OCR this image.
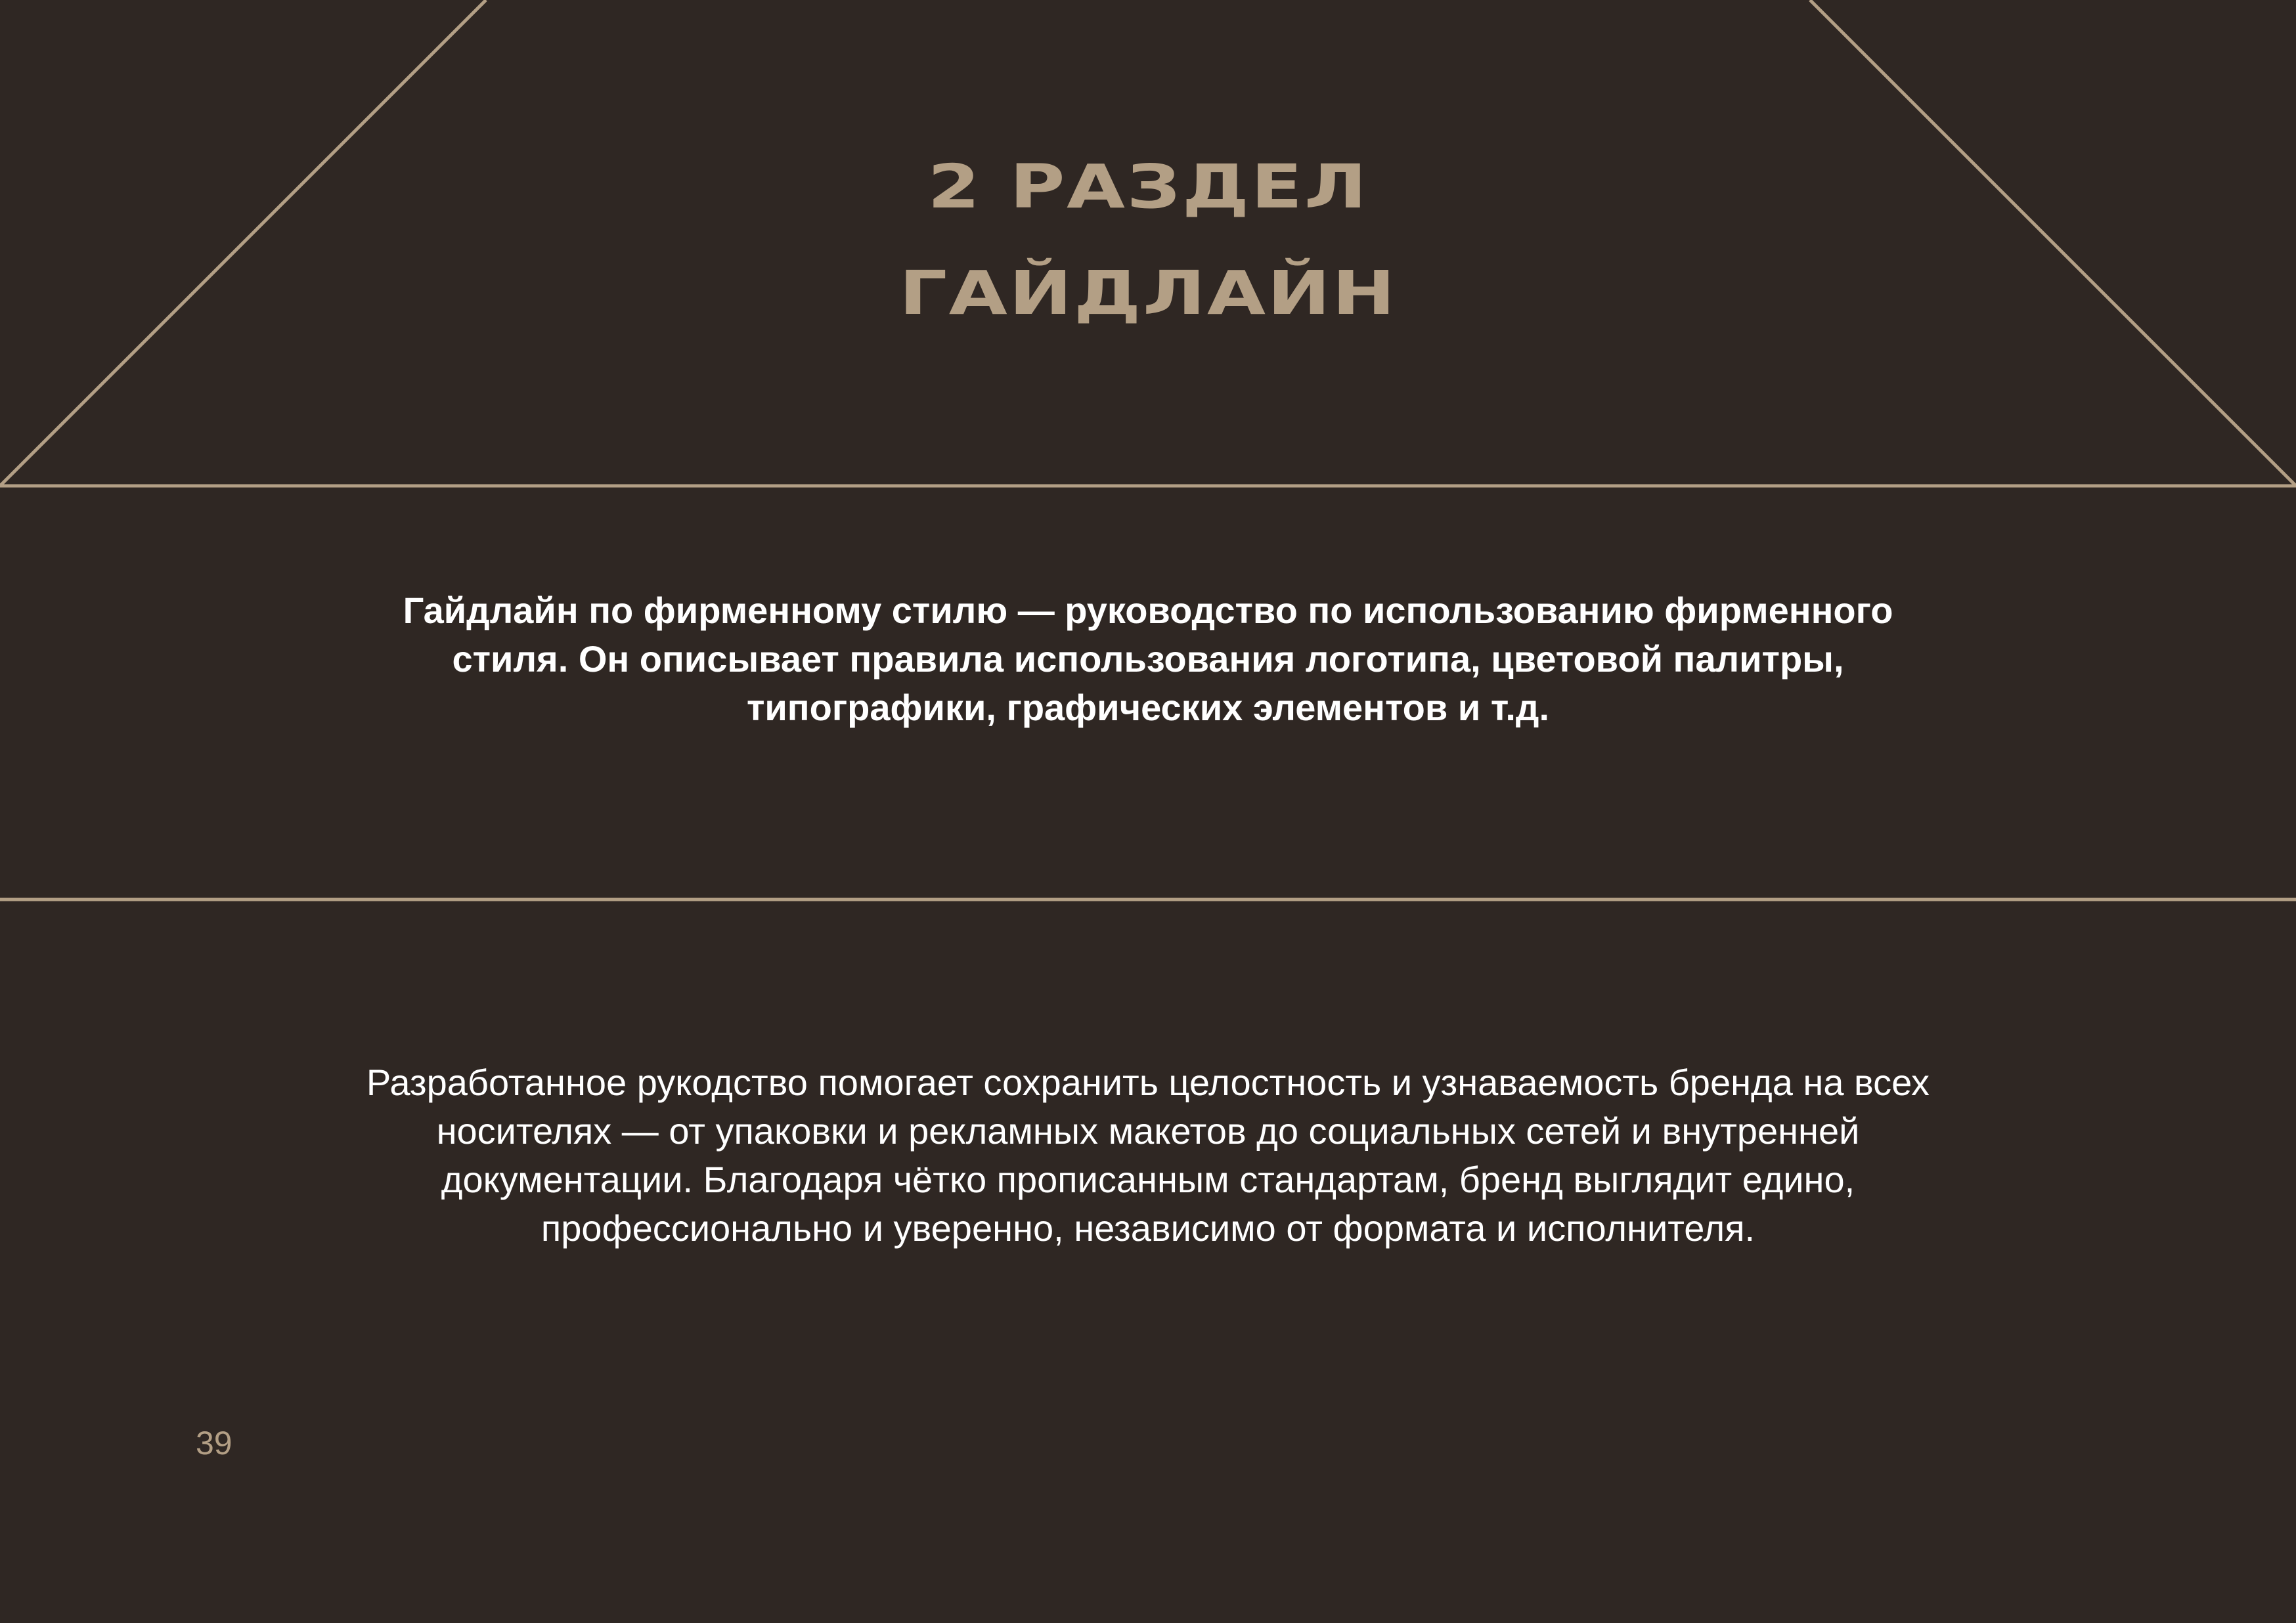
2 РАЗДЕЛ
ГАЙДЛАЙН
Гайдлайн по фирменному стилю — руководство по использованию фирменного стиля. Он описывает правила использования логотипа, цветовой палитры, типографики, графических элементов и т.д.
Разработанное рукодство помогает сохранить целостность и узнаваемость бренда на всех носителях — от упаковки и рекламных макетов до социальных сетей и внутренней документации. Благодаря чётко прописанным стандартам, бренд выглядит едино, профессионально и уверенно, независимо от формата и исполнителя.
39
